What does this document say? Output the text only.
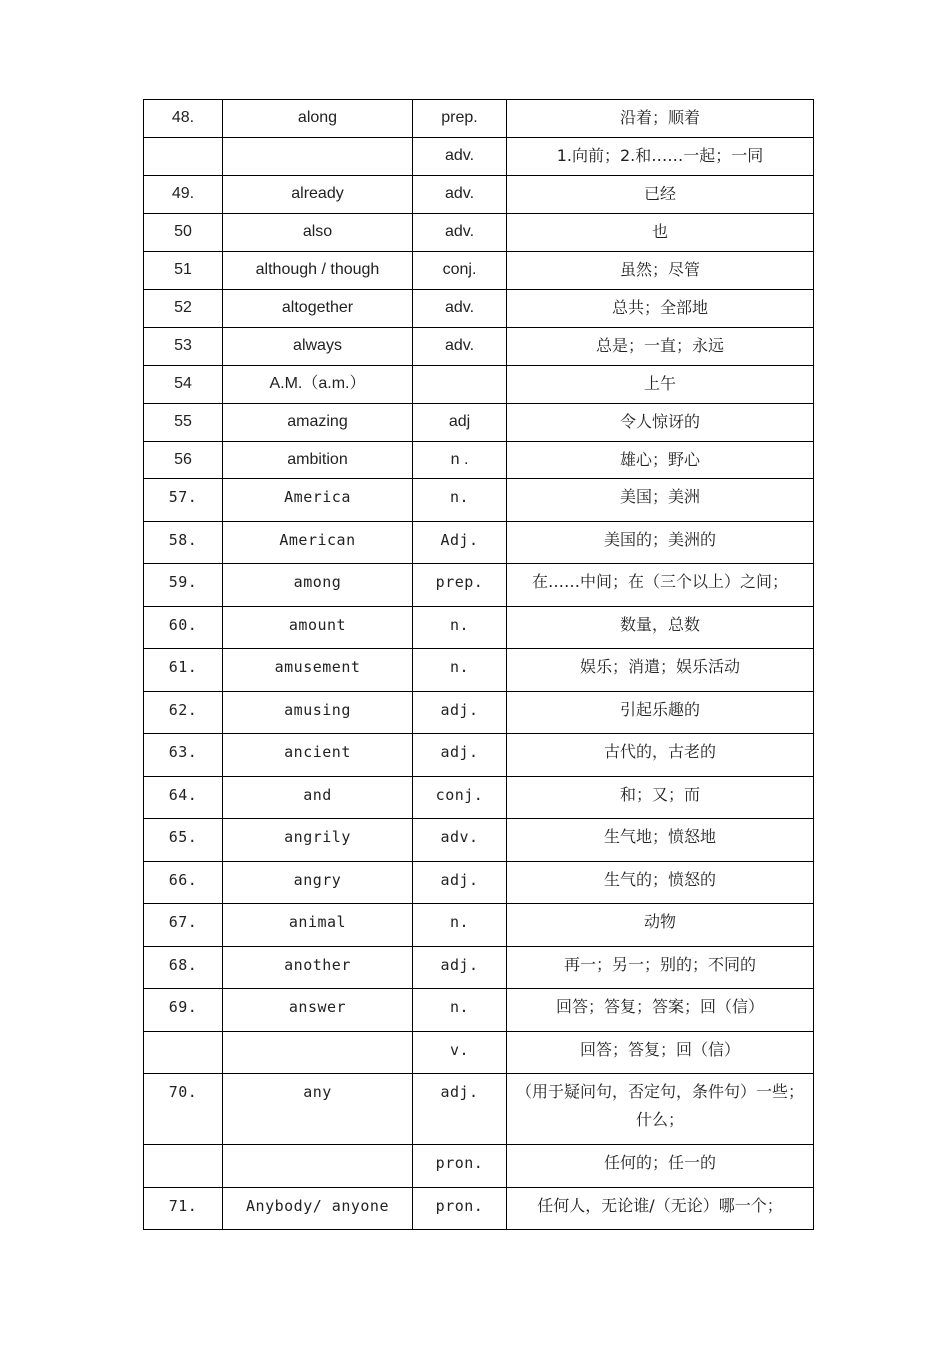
48.	along	prep.	沿着；顺着
		adv.	1.向前；2.和……一起；一同
49.	already	adv.	已经
50	also	adv.	也
51	although / though	conj.	虽然；尽管
52	altogether	adv.	总共；全部地
53	always	adv.	总是；一直；永远
54	A.M.（a.m.）		上午
55	amazing	adj	令人惊讶的
56	ambition	n .	雄心；野心
57.	America	n.	美国；美洲
58.	American	Adj.	美国的；美洲的
59.	among	prep.	在……中间；在（三个以上）之间；
60.	amount	n.	数量，总数
61.	amusement	n.	娱乐；消遣；娱乐活动
62.	amusing	adj.	引起乐趣的
63.	ancient	adj.	古代的，古老的
64.	and	conj.	和；又；而
65.	angrily	adv.	生气地；愤怒地
66.	angry	adj.	生气的；愤怒的
67.	animal	n.	动物
68.	another	adj.	再一；另一；别的；不同的
69.	answer	n.	回答；答复；答案；回（信）
		v.	回答；答复；回（信）
70.	any	adj.	（用于疑问句，否定句，条件句）一些；什么；
		pron.	任何的；任一的
71.	Anybody/ anyone	pron.	任何人，无论谁/（无论）哪一个；
